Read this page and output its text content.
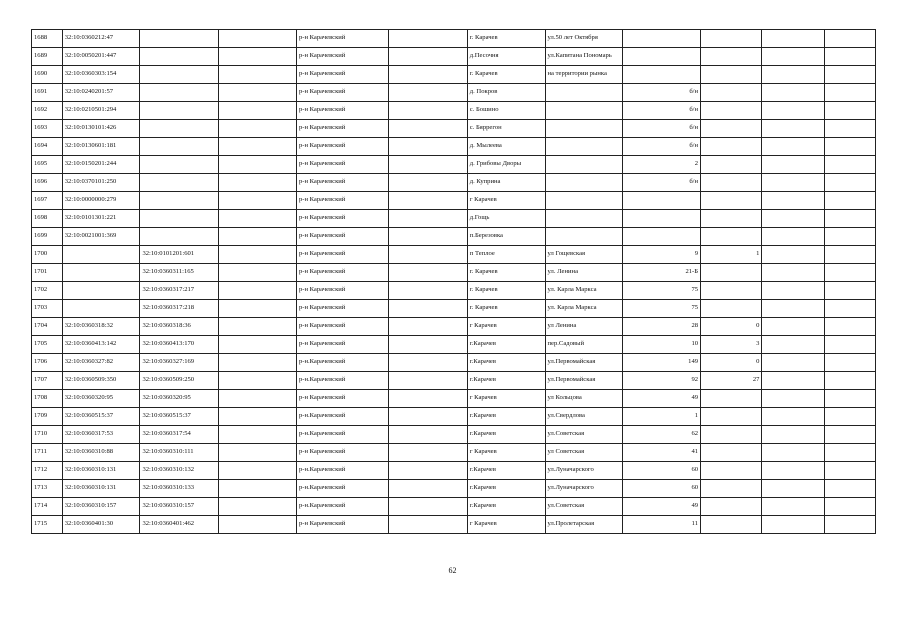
1688	32:10:0360212:47			р-н Карачевский		г. Карачев	ул.50 лет Октября				
1689	32:10:0050201:447			р-н Карачевский		д.Песочня	ул.Капитана Пономарь				
1690	32:10:0360303:154			р-н Карачевский		г. Карачев	на территории рынка				
1691	32:10:0240201:57			р-н Карачевский		д. Покров		б/н			
1692	32:10:0210501:294			р-н Карачевский		с. Бошино		б/н			
1693	32:10:0130101:426			р-н Карачевский		с. Бяррегон		б/н			
1694	32:10:0130601:181			р-н Карачевский		д. Мылеева		б/н			
1695	32:10:0150201:244			р-н Карачевский		д. Грибовы Дворы		2			
1696	32:10:0370101:250			р-н Карачевский		д. Куприна		б/н			
1697	32:10:0000000:279			р-н Карачевский		г Карачев					
1698	32:10:0101301:221			р-н Карачевский		д.Гощь					
1699	32:10:0021001:369			р-н Карачевский		п.Березовка					
1700		32:10:0101201:601		р-н Карачевский		п Теплое	ул Гощевская	9	1		
1701		32:10:0360311:165		р-н Карачевский		г. Карачев	ул. Ленина	21-Б			
1702		32:10:0360317:217		р-н Карачевский		г. Карачев	ул. Карла Маркса	75			
1703		32:10:0360317:218		р-н Карачевский		г. Карачев	ул. Карла Маркса	75			
1704	32:10:0360318:32	32:10:0360318:36		р-н Карачевский		г Карачев	ул Ленина	28	0		
1705	32:10:0360413:142	32:10:0360413:170		р-н Карачевский		г.Карачев	пер.Садовый	10	3		
1706	32:10:0360327:82	32:10:0360327:169		р-н.Карачевский		г.Карачев	ул.Первомайская	149	0		
1707	32:10:0360509:350	32:10:0360509:250		р-н.Карачевский		г.Карачев	ул.Первомайская	92	27		
1708	32:10:0360320:95	32:10:0360320:95		р-н Карачевский		г Карачев	ул Кольцова	49			
1709	32:10:0360515:37	32:10:0360515:37		р-н.Карачевский		г.Карачев	ул.Свердлова	1			
1710	32:10:0360317:53	32:10:0360317:54		р-н.Карачевский		г.Карачев	ул.Советская	62			
1711	32:10:0360310:88	32:10:0360310:111		р-н Карачевский		г Карачев	ул Советская	41			
1712	32:10:0360310:131	32:10:0360310:132		р-н.Карачевский		г.Карачев	ул.Луначарского	60			
1713	32:10:0360310:131	32:10:0360310:133		р-н.Карачевский		г.Карачев	ул.Луначарского	60			
1714	32:10:0360310:157	32:10:0360310:157		р-н.Карачевский		г.Карачев	ул.Советская	49			
1715	32:10:0360401:30	32:10:0360401:462		р-н Карачевский		г Карачев	ул.Пролетарская	11			
62
